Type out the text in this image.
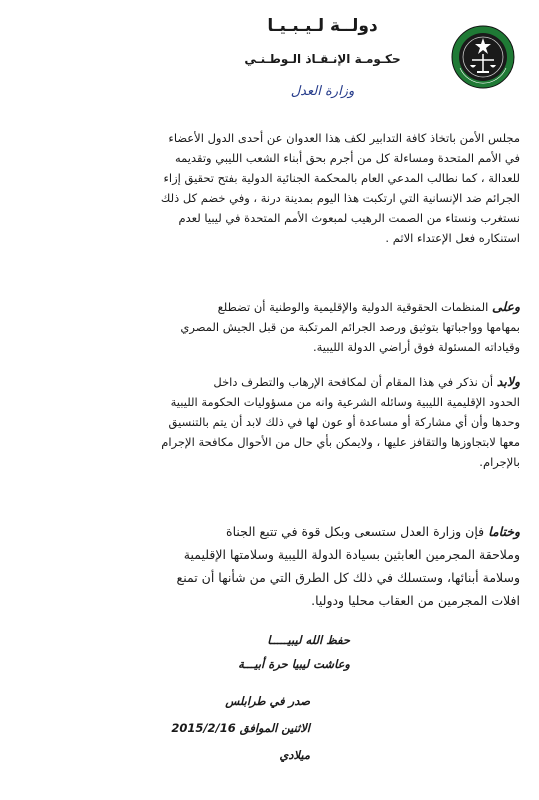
دولــة لـيـبـيـا
حكـومـة الإنـقـاذ الـوطـنـي
وزارة العدل
مجلس الأمن باتخاذ كافة التدابير لكف هذا العدوان عن أحدى الدول الأعضاء
في الأمم المتحدة ومساءلة كل من أجرم بحق أبناء الشعب الليبي وتقديمه
للعدالة ، كما نطالب المدعي العام بالمحكمة الجنائية الدولية بفتح تحقيق إزاء
الجرائم ضد الإنسانية التي ارتكبت هذا اليوم بمدينة درنة ، وفي خضم كل ذلك
نستغرب ونستاء من الصمت الرهيب لمبعوث الأمم المتحدة في ليبيا لعدم
استنكاره فعل الإعتداء الاثم .
وعلى المنظمات الحقوقية الدولية والإقليمية والوطنية أن تضطلع
بمهامها وواجباتها بتوثيق ورصد الجرائم المرتكبة من قبل الجيش المصري
وقياداته المسئولة فوق أراضي الدولة الليبية.
ولابد أن نذكر في هذا المقام أن لمكافحة الإرهاب والتطرف داخل
الحدود الإقليمية الليبية وسائله الشرعية وانه من مسؤوليات الحكومة الليبية
وحدها وأن أي مشاركة أو مساعدة أو عون لها في ذلك لابد أن يتم بالتنسيق
معها لابتجاوزها والتقافز عليها ، ولايمكن بأي حال من الأحوال مكافحة الإجرام
بالإجرام.
وختاما فإن وزارة العدل ستسعى وبكل قوة في تتبع الجناة
وملاحقة المجرمين العابثين بسيادة الدولة الليبية وسلامتها الإقليمية
وسلامة أبنائها، وستسلك في ذلك كل الطرق التي من شأنها أن تمنع
افلات المجرمين من العقاب محليا ودوليا.
حفظ الله ليبيـــــا
وعاشت ليبيا حرة أبيـــة
صدر في طرابلس
الاثنين الموافق 2015/2/16 ميلادي
